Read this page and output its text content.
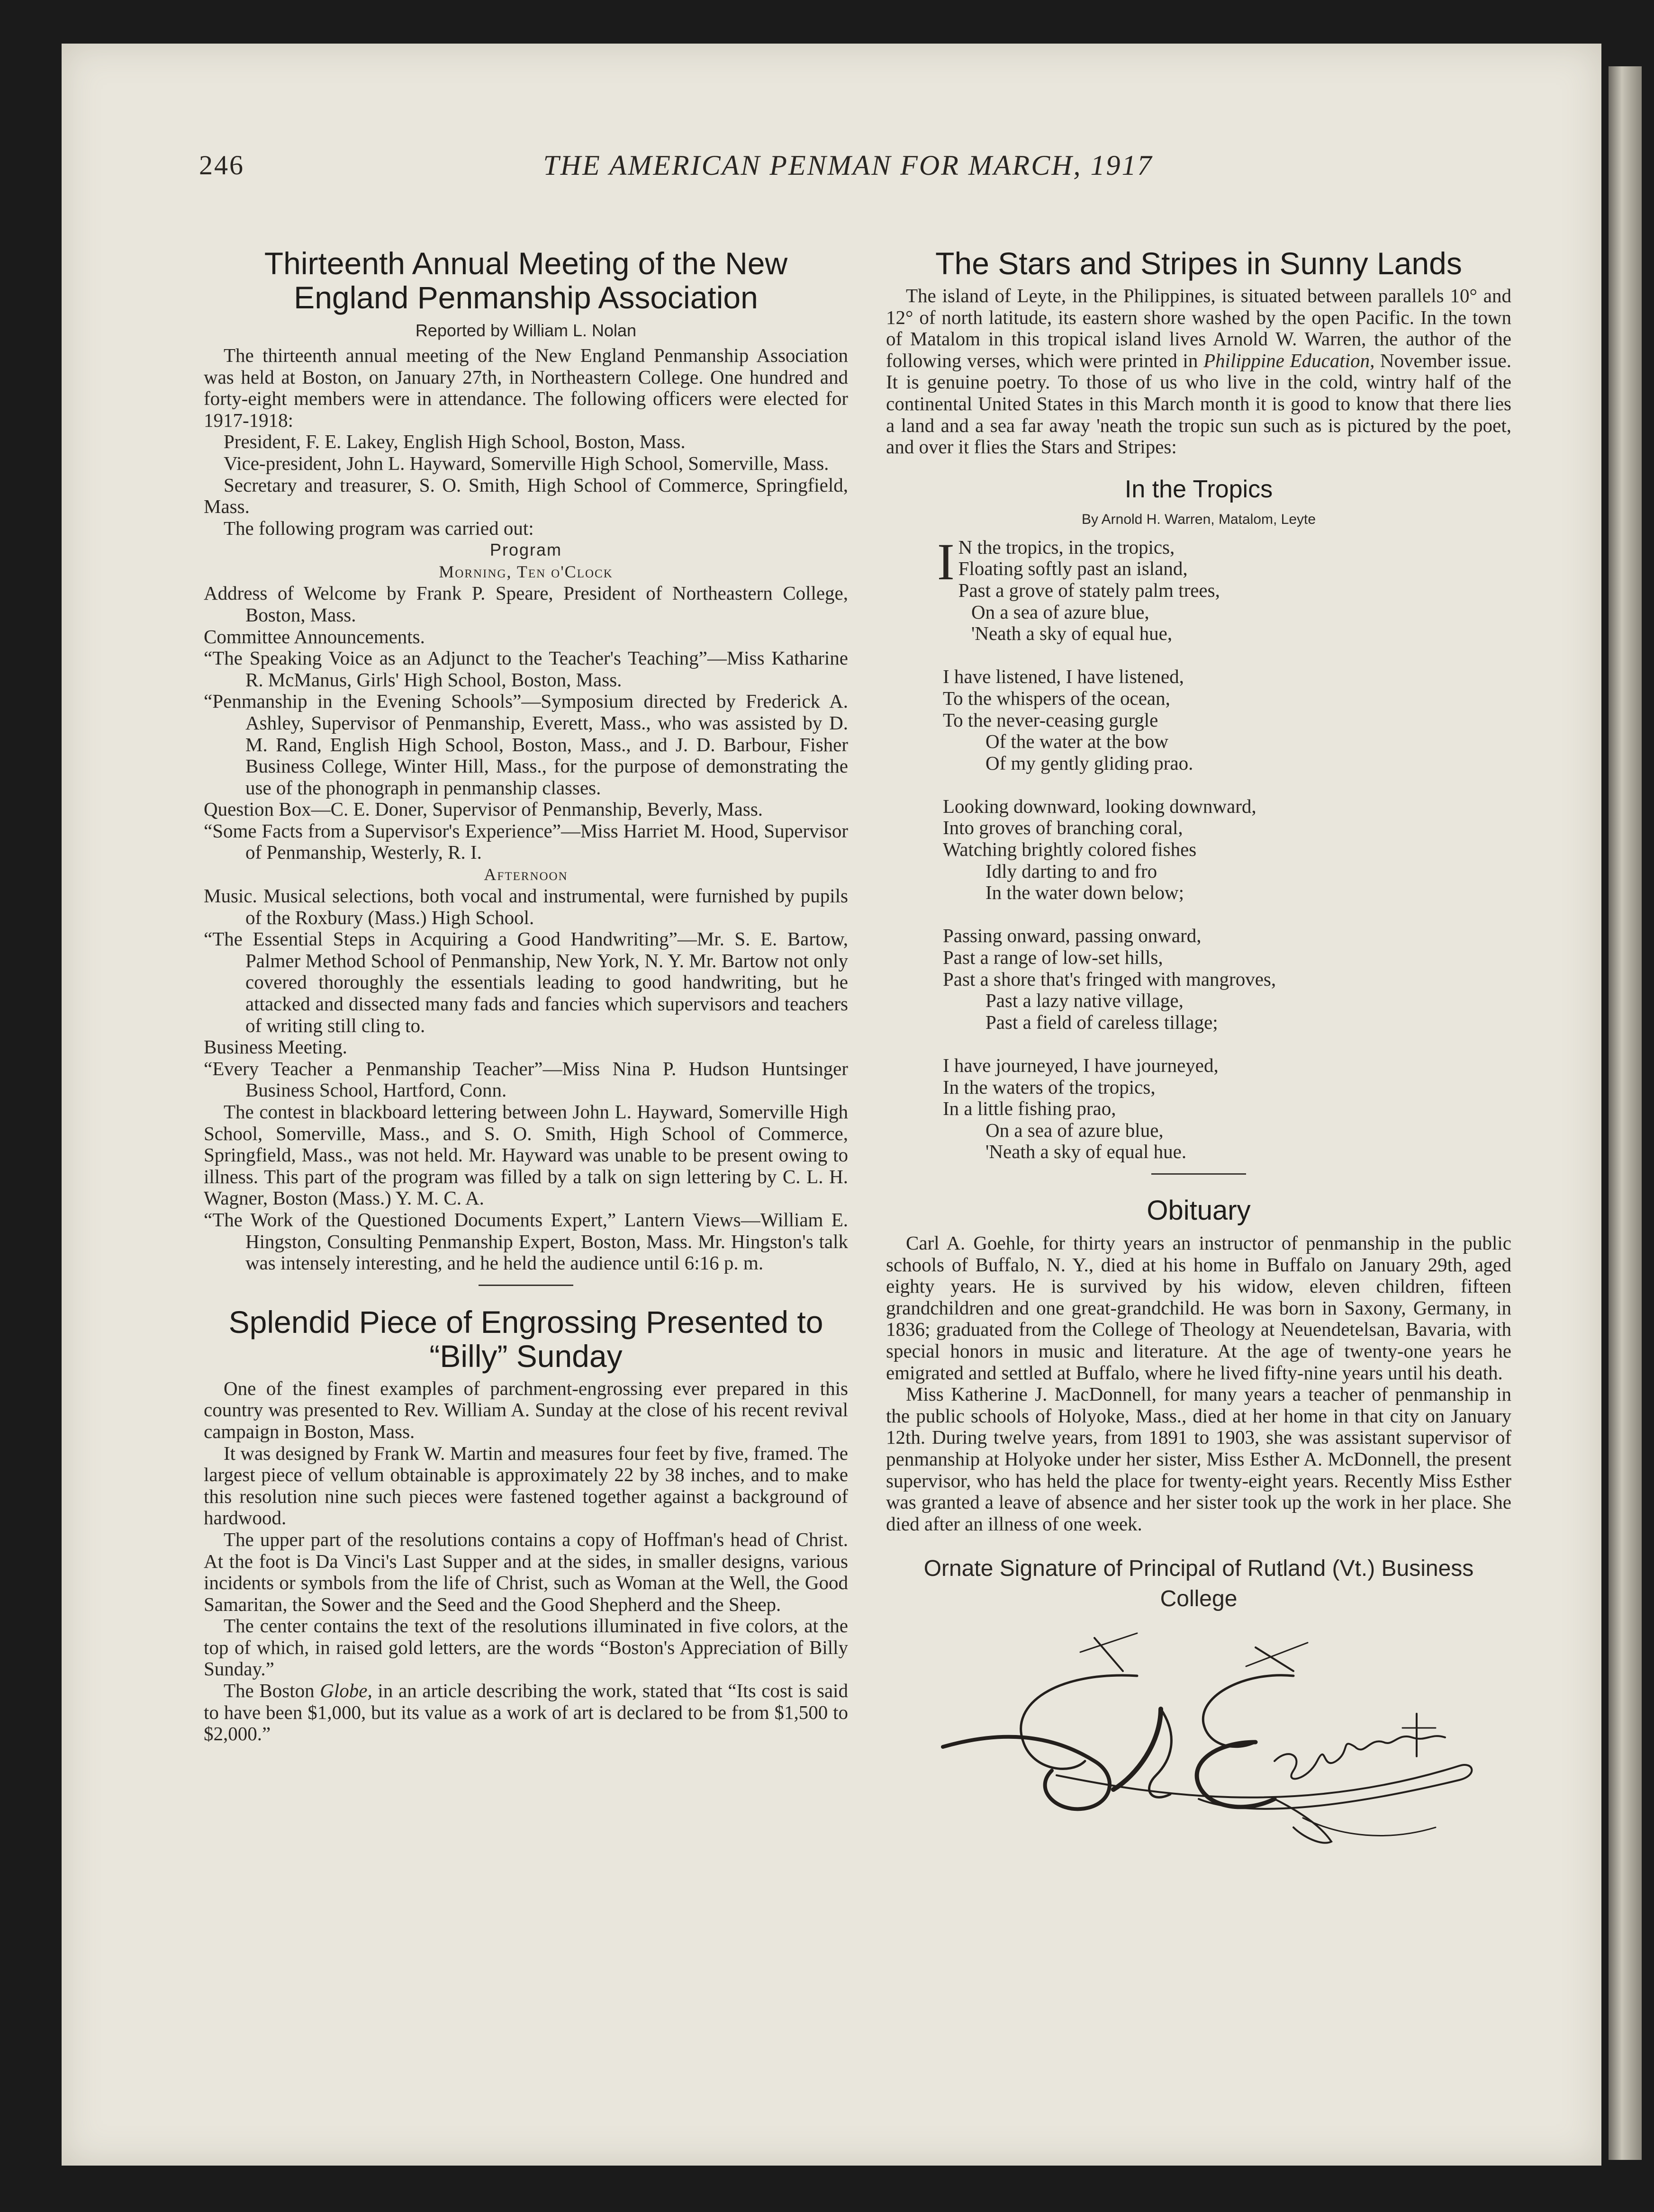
246	THE AMERICAN PENMAN FOR MARCH, 1917
Thirteenth Annual Meeting of the New England Penmanship Association
Reported by William L. Nolan

The thirteenth annual meeting of the New England Penmanship Association was held at Boston, on January 27th, in Northeastern College. One hundred and forty-eight members were in attendance. The following officers were elected for 1917-1918:

President, F. E. Lakey, English High School, Boston, Mass.

Vice-president, John L. Hayward, Somerville High School, Somerville, Mass.

Secretary and treasurer, S. O. Smith, High School of Commerce, Springfield, Mass.

The following program was carried out:

Program
Morning, Ten o'Clock
Address of Welcome by Frank P. Speare, President of Northeastern College, Boston, Mass.
Committee Announcements.
“The Speaking Voice as an Adjunct to the Teacher's Teaching”—Miss Katharine R. McManus, Girls' High School, Boston, Mass.
“Penmanship in the Evening Schools”—Symposium directed by Frederick A. Ashley, Supervisor of Penmanship, Everett, Mass., who was assisted by D. M. Rand, English High School, Boston, Mass., and J. D. Barbour, Fisher Business College, Winter Hill, Mass., for the purpose of demonstrating the use of the phonograph in penmanship classes.
Question Box—C. E. Doner, Supervisor of Penmanship, Beverly, Mass.
“Some Facts from a Supervisor's Experience”—Miss Harriet M. Hood, Supervisor of Penmanship, Westerly, R. I.
Afternoon
Music. Musical selections, both vocal and instrumental, were furnished by pupils of the Roxbury (Mass.) High School.
“The Essential Steps in Acquiring a Good Handwriting”—Mr. S. E. Bartow, Palmer Method School of Penmanship, New York, N. Y. Mr. Bartow not only covered thoroughly the essentials leading to good handwriting, but he attacked and dissected many fads and fancies which supervisors and teachers of writing still cling to.
Business Meeting.
“Every Teacher a Penmanship Teacher”—Miss Nina P. Hudson Huntsinger Business School, Hartford, Conn.

The contest in blackboard lettering between John L. Hayward, Somerville High School, Somerville, Mass., and S. O. Smith, High School of Commerce, Springfield, Mass., was not held. Mr. Hayward was unable to be present owing to illness. This part of the program was filled by a talk on sign lettering by C. L. H. Wagner, Boston (Mass.) Y. M. C. A.

“The Work of the Questioned Documents Expert,” Lantern Views—William E. Hingston, Consulting Penmanship Expert, Boston, Mass. Mr. Hingston's talk was intensely interesting, and he held the audience until 6:16 p. m.
Splendid Piece of Engrossing Presented to “Billy” Sunday

One of the finest examples of parchment-engrossing ever prepared in this country was presented to Rev. William A. Sunday at the close of his recent revival campaign in Boston, Mass.

It was designed by Frank W. Martin and measures four feet by five, framed. The largest piece of vellum obtainable is approximately 22 by 38 inches, and to make this resolution nine such pieces were fastened together against a background of hardwood.

The upper part of the resolutions contains a copy of Hoffman's head of Christ. At the foot is Da Vinci's Last Supper and at the sides, in smaller designs, various incidents or symbols from the life of Christ, such as Woman at the Well, the Good Samaritan, the Sower and the Seed and the Good Shepherd and the Sheep.

The center contains the text of the resolutions illuminated in five colors, at the top of which, in raised gold letters, are the words “Boston's Appreciation of Billy Sunday.”

The Boston Globe, in an article describing the work, stated that “Its cost is said to have been $1,000, but its value as a work of art is declared to be from $1,500 to $2,000.”

The Stars and Stripes in Sunny Lands

The island of Leyte, in the Philippines, is situated between parallels 10° and 12° of north latitude, its eastern shore washed by the open Pacific. In the town of Matalom in this tropical island lives Arnold W. Warren, the author of the following verses, which were printed in Philippine Education, November issue. It is genuine poetry. To those of us who live in the cold, wintry half of the continental United States in this March month it is good to know that there lies a land and a sea far away 'neath the tropic sun such as is pictured by the poet, and over it flies the Stars and Stripes:

In the Tropics
By Arnold H. Warren, Matalom, Leyte
I N the tropics, in the tropics,
Floating softly past an island,
Past a grove of stately palm trees,
On a sea of azure blue,
'Neath a sky of equal hue,
I have listened, I have listened,
To the whispers of the ocean,
To the never-ceasing gurgle
Of the water at the bow
Of my gently gliding prao.
Looking downward, looking downward,
Into groves of branching coral,
Watching brightly colored fishes
Idly darting to and fro
In the water down below;
Passing onward, passing onward,
Past a range of low-set hills,
Past a shore that's fringed with mangroves,
Past a lazy native village,
Past a field of careless tillage;
I have journeyed, I have journeyed,
In the waters of the tropics,
In a little fishing prao,
On a sea of azure blue,
'Neath a sky of equal hue.
Obituary

Carl A. Goehle, for thirty years an instructor of penmanship in the public schools of Buffalo, N. Y., died at his home in Buffalo on January 29th, aged eighty years. He is survived by his widow, eleven children, fifteen grandchildren and one great-grandchild. He was born in Saxony, Germany, in 1836; graduated from the College of Theology at Neuendetelsan, Bavaria, with special honors in music and literature. At the age of twenty-one years he emigrated and settled at Buffalo, where he lived fifty-nine years until his death.

Miss Katherine J. MacDonnell, for many years a teacher of penmanship in the public schools of Holyoke, Mass., died at her home in that city on January 12th. During twelve years, from 1891 to 1903, she was assistant supervisor of penmanship at Holyoke under her sister, Miss Esther A. McDonnell, the present supervisor, who has held the place for twenty-eight years. Recently Miss Esther was granted a leave of absence and her sister took up the work in her place. She died after an illness of one week.

Ornate Signature of Principal of Rutland (Vt.) Business College
L. J. Egelston
